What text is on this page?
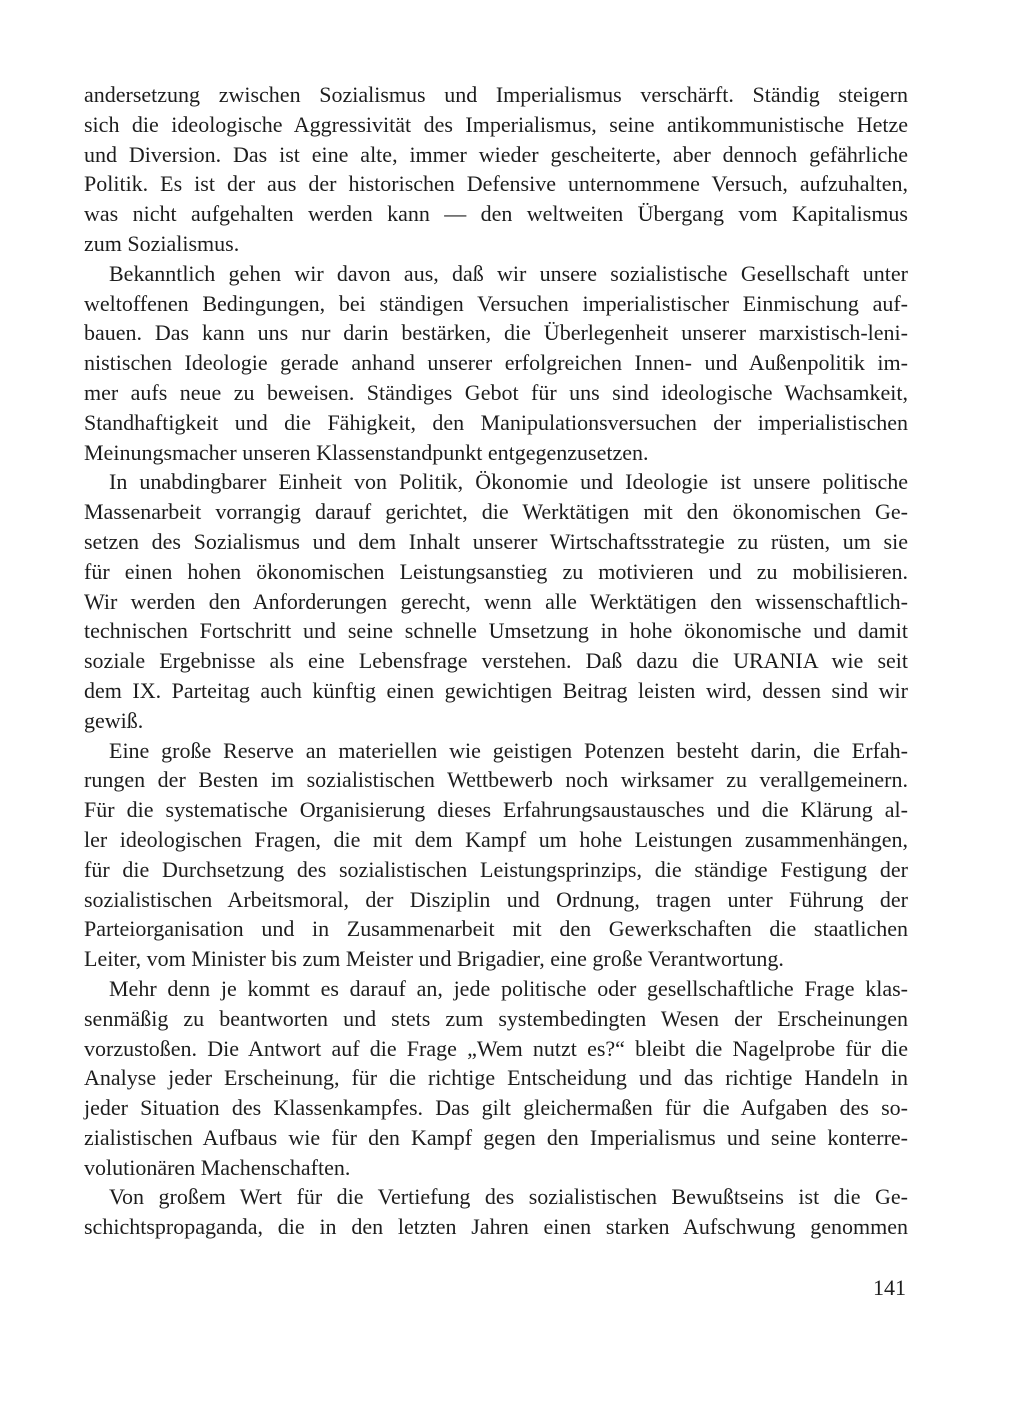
andersetzung zwischen Sozialismus und Imperialismus verschärft. Ständig steigern
sich die ideologische Aggressivität des Imperialismus, seine antikommunistische Hetze
und Diversion. Das ist eine alte, immer wieder gescheiterte, aber dennoch gefährliche
Politik. Es ist der aus der historischen Defensive unternommene Versuch, aufzuhalten,
was nicht aufgehalten werden kann — den weltweiten Übergang vom Kapitalismus
zum Sozialismus.
Bekanntlich gehen wir davon aus, daß wir unsere sozialistische Gesellschaft unter
weltoffenen Bedingungen, bei ständigen Versuchen imperialistischer Einmischung auf-
bauen. Das kann uns nur darin bestärken, die Überlegenheit unserer marxistisch-leni-
nistischen Ideologie gerade anhand unserer erfolgreichen Innen- und Außenpolitik im-
mer aufs neue zu beweisen. Ständiges Gebot für uns sind ideologische Wachsamkeit,
Standhaftigkeit und die Fähigkeit, den Manipulationsversuchen der imperialistischen
Meinungsmacher unseren Klassenstandpunkt entgegenzusetzen.
In unabdingbarer Einheit von Politik, Ökonomie und Ideologie ist unsere politische
Massenarbeit vorrangig darauf gerichtet, die Werktätigen mit den ökonomischen Ge-
setzen des Sozialismus und dem Inhalt unserer Wirtschaftsstrategie zu rüsten, um sie
für einen hohen ökonomischen Leistungsanstieg zu motivieren und zu mobilisieren.
Wir werden den Anforderungen gerecht, wenn alle Werktätigen den wissenschaftlich-
technischen Fortschritt und seine schnelle Umsetzung in hohe ökonomische und damit
soziale Ergebnisse als eine Lebensfrage verstehen. Daß dazu die URANIA wie seit
dem IX. Parteitag auch künftig einen gewichtigen Beitrag leisten wird, dessen sind wir
gewiß.
Eine große Reserve an materiellen wie geistigen Potenzen besteht darin, die Erfah-
rungen der Besten im sozialistischen Wettbewerb noch wirksamer zu verallgemeinern.
Für die systematische Organisierung dieses Erfahrungsaustausches und die Klärung al-
ler ideologischen Fragen, die mit dem Kampf um hohe Leistungen zusammenhängen,
für die Durchsetzung des sozialistischen Leistungsprinzips, die ständige Festigung der
sozialistischen Arbeitsmoral, der Disziplin und Ordnung, tragen unter Führung der
Parteiorganisation und in Zusammenarbeit mit den Gewerkschaften die staatlichen
Leiter, vom Minister bis zum Meister und Brigadier, eine große Verantwortung.
Mehr denn je kommt es darauf an, jede politische oder gesellschaftliche Frage klas-
senmäßig zu beantworten und stets zum systembedingten Wesen der Erscheinungen
vorzustoßen. Die Antwort auf die Frage „Wem nutzt es?“ bleibt die Nagelprobe für die
Analyse jeder Erscheinung, für die richtige Entscheidung und das richtige Handeln in
jeder Situation des Klassenkampfes. Das gilt gleichermaßen für die Aufgaben des so-
zialistischen Aufbaus wie für den Kampf gegen den Imperialismus und seine konterre-
volutionären Machenschaften.
Von großem Wert für die Vertiefung des sozialistischen Bewußtseins ist die Ge-
schichtspropaganda, die in den letzten Jahren einen starken Aufschwung genommen
141
